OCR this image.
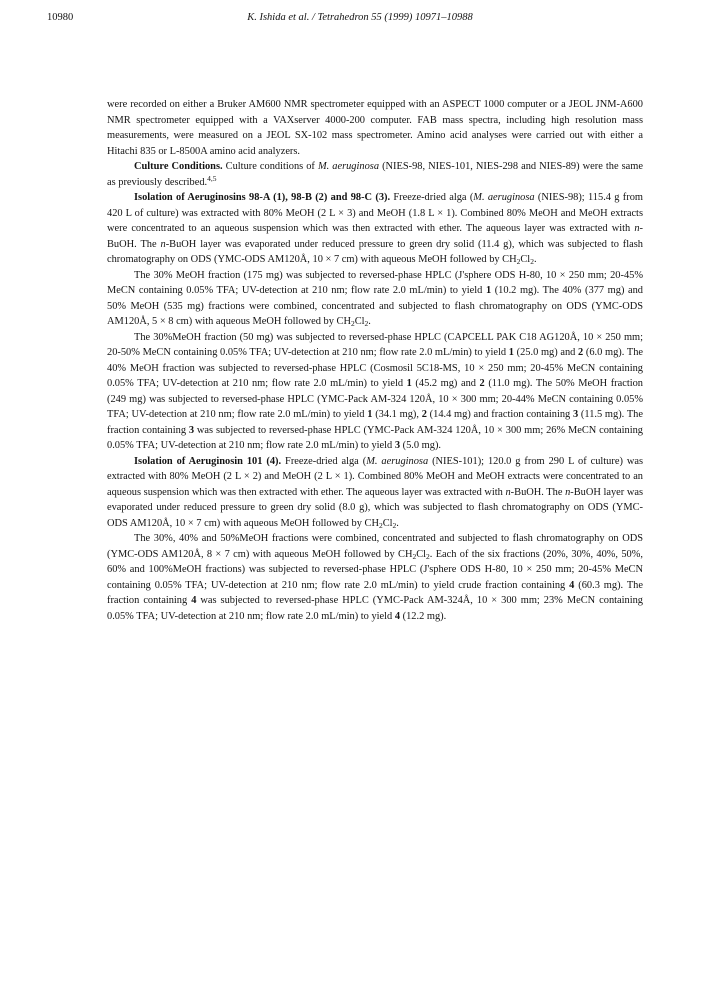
10980	K. Ishida et al. / Tetrahedron 55 (1999) 10971–10988

were recorded on either a Bruker AM600 NMR spectrometer equipped with an ASPECT 1000 computer or a JEOL JNM-A600 NMR spectrometer equipped with a VAXserver 4000-200 computer. FAB mass spectra, including high resolution mass measurements, were measured on a JEOL SX-102 mass spectrometer. Amino acid analyses were carried out with either a Hitachi 835 or L-8500A amino acid analyzers.

Culture Conditions. Culture conditions of M. aeruginosa (NIES-98, NIES-101, NIES-298 and NIES-89) were the same as previously described.$^{4,5}$

Isolation of Aeruginosins 98-A (1), 98-B (2) and 98-C (3). Freeze-dried alga (M. aeruginosa (NIES-98); 115.4 g from 420 L of culture) was extracted with 80% MeOH (2 L × 3) and MeOH (1.8 L × 1). Combined 80% MeOH and MeOH extracts were concentrated to an aqueous suspension which was then extracted with ether. The aqueous layer was extracted with n-BuOH. The n-BuOH layer was evaporated under reduced pressure to green dry solid (11.4 g), which was subjected to flash chromatography on ODS (YMC-ODS AM120Å, 10 × 7 cm) with aqueous MeOH followed by $CH_2Cl_2$.

The 30% MeOH fraction (175 mg) was subjected to reversed-phase HPLC (J'sphere ODS H-80, 10 × 250 mm; 20-45% MeCN containing 0.05% TFA; UV-detection at 210 nm; flow rate 2.0 mL/min) to yield 1 (10.2 mg). The 40% (377 mg) and 50% MeOH (535 mg) fractions were combined, concentrated and subjected to flash chromatography on ODS (YMC-ODS AM120Å, 5 × 8 cm) with aqueous MeOH followed by $CH_2Cl_2$.

The 30%MeOH fraction (50 mg) was subjected to reversed-phase HPLC (CAPCELL PAK C18 AG120Å, 10 × 250 mm; 20-50% MeCN containing 0.05% TFA; UV-detection at 210 nm; flow rate 2.0 mL/min) to yield 1 (25.0 mg) and 2 (6.0 mg). The 40% MeOH fraction was subjected to reversed-phase HPLC (Cosmosil 5C18-MS, 10 × 250 mm; 20-45% MeCN containing 0.05% TFA; UV-detection at 210 nm; flow rate 2.0 mL/min) to yield 1 (45.2 mg) and 2 (11.0 mg). The 50% MeOH fraction (249 mg) was subjected to reversed-phase HPLC (YMC-Pack AM-324 120Å, 10 × 300 mm; 20-44% MeCN containing 0.05% TFA; UV-detection at 210 nm; flow rate 2.0 mL/min) to yield 1 (34.1 mg), 2 (14.4 mg) and fraction containing 3 (11.5 mg). The fraction containing 3 was subjected to reversed-phase HPLC (YMC-Pack AM-324 120Å, 10 × 300 mm; 26% MeCN containing 0.05% TFA; UV-detection at 210 nm; flow rate 2.0 mL/min) to yield 3 (5.0 mg).

Isolation of Aeruginosin 101 (4). Freeze-dried alga (M. aeruginosa (NIES-101); 120.0 g from 290 L of culture) was extracted with 80% MeOH (2 L × 2) and MeOH (2 L × 1). Combined 80% MeOH and MeOH extracts were concentrated to an aqueous suspension which was then extracted with ether. The aqueous layer was extracted with n-BuOH. The n-BuOH layer was evaporated under reduced pressure to green dry solid (8.0 g), which was subjected to flash chromatography on ODS (YMC-ODS AM120Å, 10 × 7 cm) with aqueous MeOH followed by $CH_2Cl_2$.

The 30%, 40% and 50%MeOH fractions were combined, concentrated and subjected to flash chromatography on ODS (YMC-ODS AM120Å, 8 × 7 cm) with aqueous MeOH followed by $CH_2Cl_2$. Each of the six fractions (20%, 30%, 40%, 50%, 60% and 100%MeOH fractions) was subjected to reversed-phase HPLC (J'sphere ODS H-80, 10 × 250 mm; 20-45% MeCN containing 0.05% TFA; UV-detection at 210 nm; flow rate 2.0 mL/min) to yield crude fraction containing 4 (60.3 mg). The fraction containing 4 was subjected to reversed-phase HPLC (YMC-Pack AM-324Å, 10 × 300 mm; 23% MeCN containing 0.05% TFA; UV-detection at 210 nm; flow rate 2.0 mL/min) to yield 4 (12.2 mg).
